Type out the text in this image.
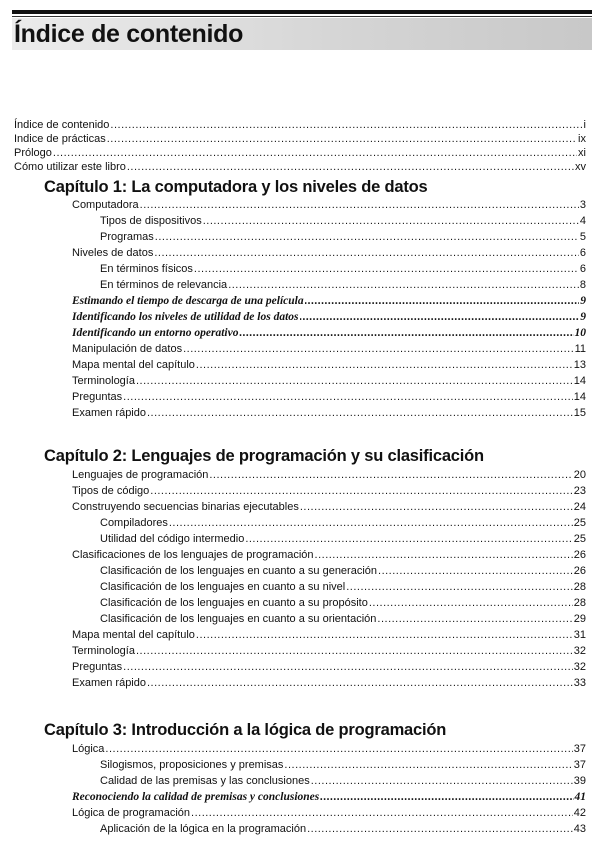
Índice de contenido
Índice de contenido .....	i
Indice de prácticas .....	ix
Prólogo .....	xi
Cómo utilizar este libro .....	xv
Capítulo 1: La computadora y los niveles de datos
Computadora .....	3
Tipos de dispositivos .....	4
Programas .....	5
Niveles de datos .....	6
En términos físicos .....	6
En términos de relevancia .....	8
Estimando el tiempo de descarga de una película .....	9
Identificando los niveles de utilidad de los datos .....	9
Identificando un entorno operativo .....	10
Manipulación de datos .....	11
Mapa mental del capítulo .....	13
Terminología .....	14
Preguntas .....	14
Examen rápido .....	15
Capítulo 2: Lenguajes de programación y su clasificación
Lenguajes de programación .....	20
Tipos de código .....	23
Construyendo secuencias binarias ejecutables .....	24
Compiladores .....	25
Utilidad del código intermedio .....	25
Clasificaciones de los lenguajes de programación .....	26
Clasificación de los lenguajes en cuanto a su generación .....	26
Clasificación de los lenguajes en cuanto a su nivel .....	28
Clasificación de los lenguajes en cuanto a su propósito .....	28
Clasificación de los lenguajes en cuanto a su orientación .....	29
Mapa mental del capítulo .....	31
Terminología .....	32
Preguntas .....	32
Examen rápido .....	33
Capítulo 3: Introducción a la lógica de programación
Lógica .....	37
Silogismos, proposiciones y premisas .....	37
Calidad de las premisas y las conclusiones .....	39
Reconociendo la calidad de premisas y conclusiones .....	41
Lógica de programación .....	42
Aplicación de la lógica en la programación .....	43
